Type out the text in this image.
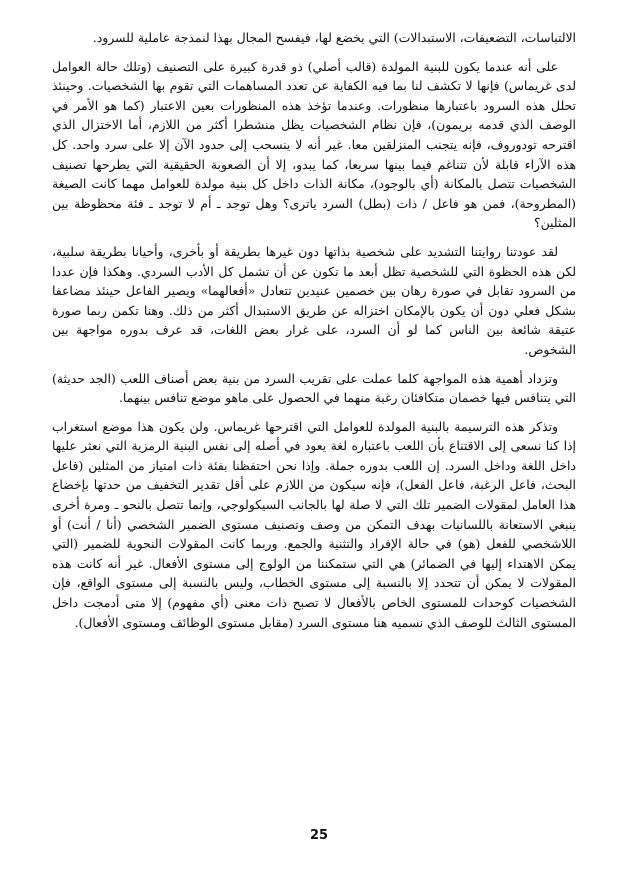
الالتباسات، التضعيفات، الاستبدالات) التي يخضع لها، فيفسح المجال بهذا لنمذجة عاملية للسرود.

على أنه عندما يكون للبنية المولدة (قالب أصلي) ذو قدرة كبيرة على التصنيف (وتلك حالة العوامل لدى غريماس) فإنها لا تكشف لنا بما فيه الكفاية عن تعدد المساهمات التي تقوم بها الشخصيات. وحينئذ تحلل هذه السرود باعتبارها منظورات. وعندما تؤخذ هذه المنظورات بعين الاعتبار (كما هو الأمر في الوصف الذي قدمه بريمون)، فإن نظام الشخصيات يظل منشطرا أكثر من اللازم، أما الاختزال الذي اقترحه تودوروف، فإنه يتجنب المنزلقين معا. غير أنه لا ينسحب إلى حدود الآن إلا على سرد واحد. كل هذه الآراء قابلة لأن تتناغم فيما بينها سريعا، كما يبدو، إلا أن الصعوبة الحقيقية التي يطرحها تصنيف الشخصيات تتصل بالمكانة (أي بالوجود)، مكانة الذات داخل كل بنية مولدة للعوامل مهما كانت الصيغة (المطروحة)، فمن هو فاعل / ذات (بطل) السرد ياترى؟ وهل توجد ـ أم لا توجد ـ فئة محظوظة بين المثلين؟

لقد عودتنا روايتنا التشديد على شخصية بذاتها دون غيرها بطريقة أو بأخرى، وأحيانا بطريقة سلبية، لكن هذه الحظوة التي للشخصية تظل أبعد ما تكون عن أن تشمل كل الأدب السردي. وهكذا فإن عددا من السرود تقابل في صورة رهان بين خصمين عنيدين تتعادل «أفعالهما» ويصير الفاعل حينئذ مضاعفا بشكل فعلي دون أن يكون بالإمكان اختزاله عن طريق الاستبدال أكثر من ذلك. وهنا تكمن ربما صورة عتيقة شائعة بين الناس كما لو أن السرد، على غرار بعض اللغات، قد عرف بدوره مواجهة بين الشخوص.

وتزداد أهمية هذه المواجهة كلما عملت على تقريب السرد من بنية بعض أصناف اللعب (الجد حديثة) التي يتنافس فيها خصمان متكافئان رغبة منهما في الحصول على ماهو موضع تنافس بينهما.

وتذكر هذه الترسيمة بالبنية المولدة للعوامل التي اقترحها غريماس. ولن يكون هذا موضع استغراب إذا كنا نسعى إلى الاقتناع بأن اللعب باعتباره لغة يعود في أصله إلى نفس البنية الرمزية التي نعثر عليها داخل اللغة وداخل السرد. إن اللعب بدوره جملة. وإذا نحن احتفظنا بفئة ذات امتياز من المثلين (فاعل البحث، فاعل الرغبة، فاعل الفعل)، فإنه سيكون من اللازم على أقل تقدير التخفيف من حدتها بإخضاع هذا العامل لمقولات الضمير تلك التي لا صلة لها بالجانب السيكولوجي، وإنما تتصل بالنحو ـ ومرة أخرى ينبغي الاستعانة باللسانيات بهدف التمكن من وصف وتصنيف مستوى الضمير الشخصي (أنا / أنت) أو اللاشخصي للفعل (هو) في حالة الإفراد والتثنية والجمع. وربما كانت المقولات النحوية للضمير (التي يمكن الاهتداء إليها في الضمائر) هي التي ستمكننا من الولوج إلى مستوى الأفعال. غير أنه كانت هذه المقولات لا يمكن أن تتحدد إلا بالنسبة إلى مستوى الخطاب، وليس بالنسبة إلى مستوى الواقع، فإن الشخصيات كوحدات للمستوى الخاص بالأفعال لا تصبح ذات معنى (أي مفهوم) إلا متى أدمجت داخل المستوى الثالث للوصف الذي نسميه هنا مستوى السرد (مقابل مستوى الوظائف ومستوى الأفعال).

25
